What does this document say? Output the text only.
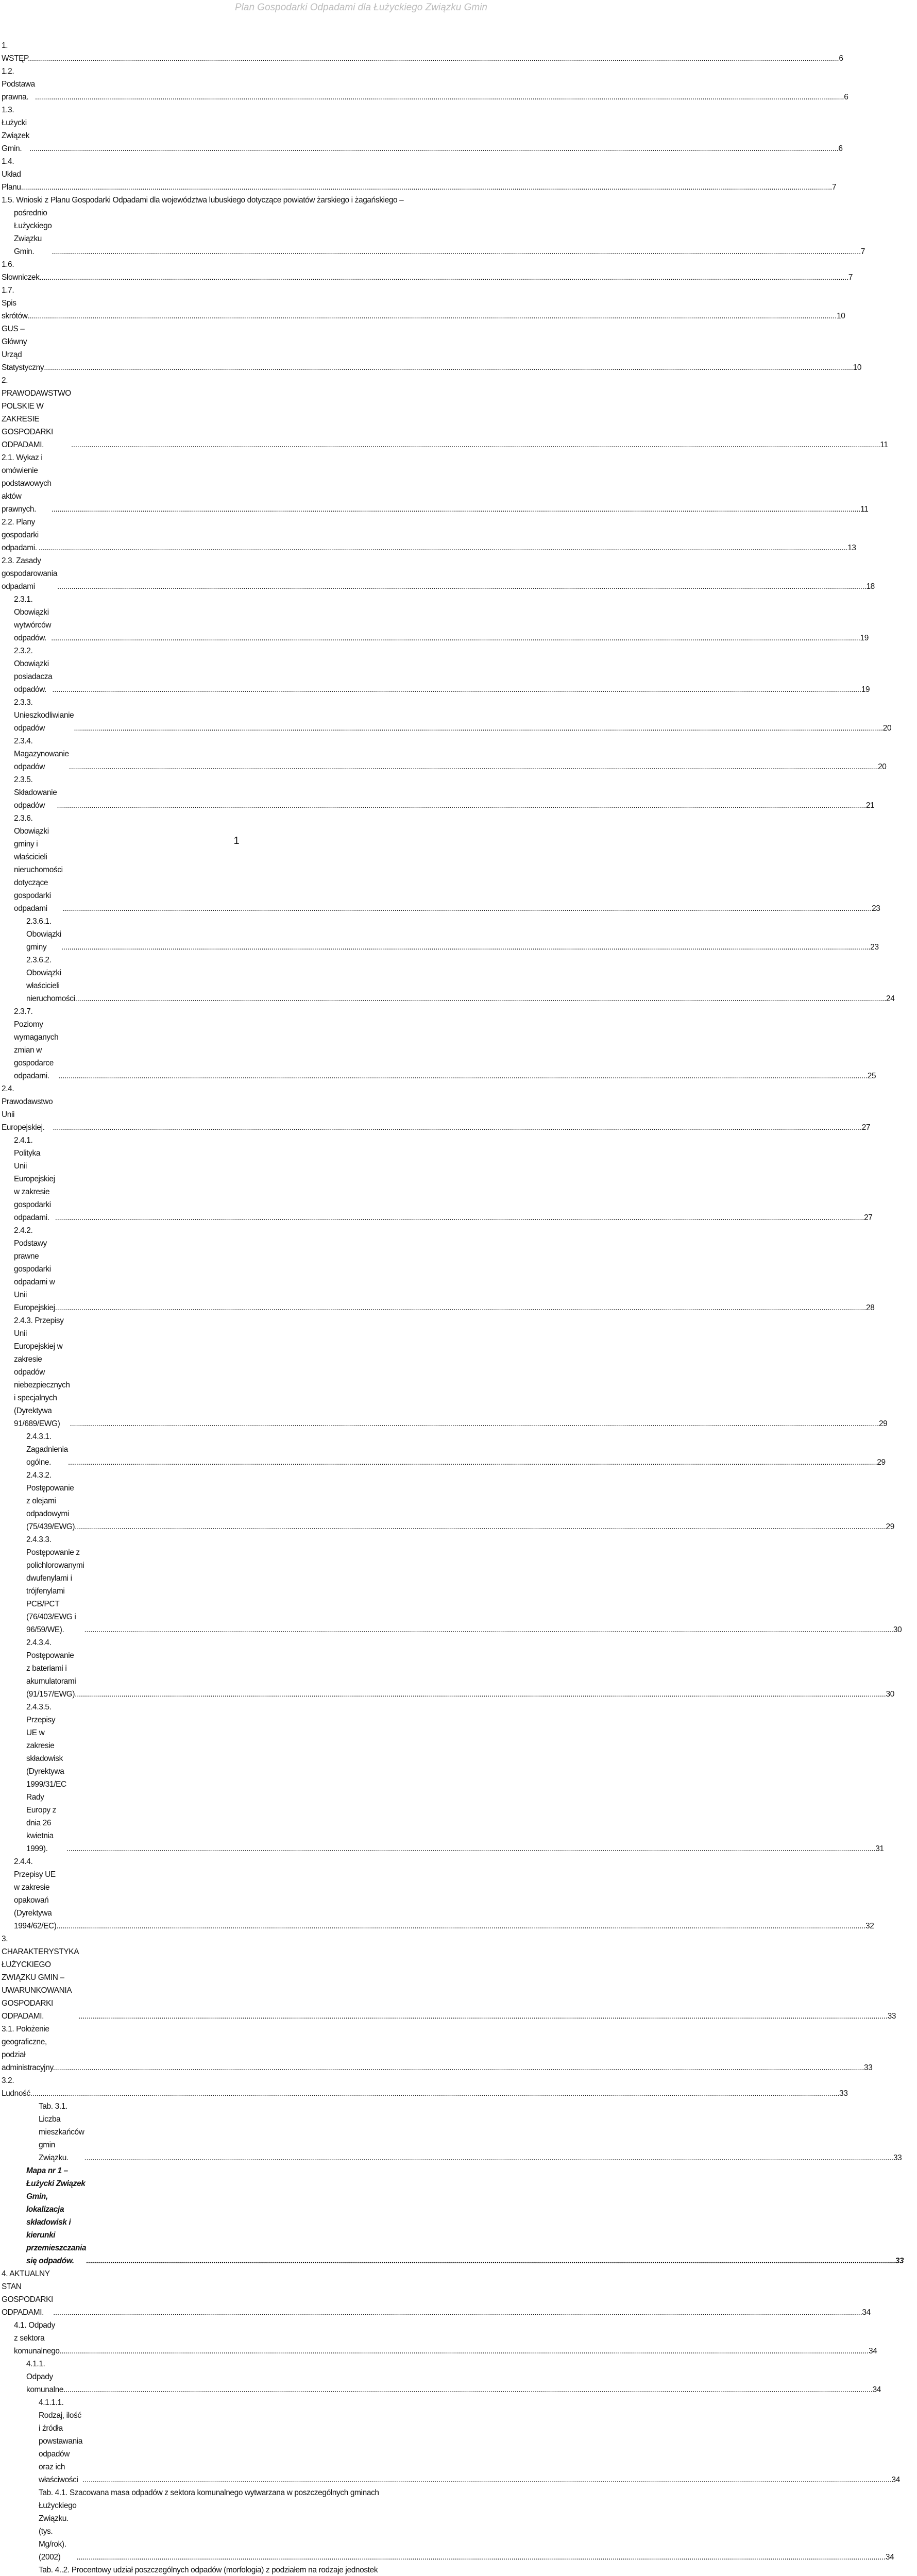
Plan Gospodarki Odpadami dla Łużyckiego Związku Gmin
1. WSTĘP. ................................................................................................................................................................................................................................................................................................................................................................................................................ 6
1.2. Podstawa prawna. ................................................................................................................................................................................................................................................................................................................................................................................................................ 6
1.3. Łużycki Związek Gmin. ................................................................................................................................................................................................................................................................................................................................................................................................................ 6
1.4. Układ Planu. ................................................................................................................................................................................................................................................................................................................................................................................................................ 7
1.5. Wnioski z Planu Gospodarki Odpadami dla województwa lubuskiego dotyczące powiatów żarskiego i żagańskiego –
pośrednio Łużyckiego Związku Gmin.	................................................................................................................................................................................................................................................................................................................................................................................................................ 7
1.6. Słowniczek ................................................................................................................................................................................................................................................................................................................................................................................................................ 7
1.7. Spis skrótów ................................................................................................................................................................................................................................................................................................................................................................................................................ 10
GUS – Główny Urząd Statystyczny ................................................................................................................................................................................................................................................................................................................................................................................................................ 10
2. PRAWODAWSTWO POLSKIE W ZAKRESIE GOSPODARKI ODPADAMI.	................................................................................................................................................................................................................................................................................................................................................................................................................ 11
2.1. Wykaz i omówienie podstawowych aktów prawnych.	................................................................................................................................................................................................................................................................................................................................................................................................................ 11
2.2. Plany gospodarki odpadami. ................................................................................................................................................................................................................................................................................................................................................................................................................ 13
2.3. Zasady gospodarowania odpadami	................................................................................................................................................................................................................................................................................................................................................................................................................ 18
2.3.1. Obowiązki wytwórców odpadów. ................................................................................................................................................................................................................................................................................................................................................................................................................ 19
2.3.2. Obowiązki posiadacza odpadów. ................................................................................................................................................................................................................................................................................................................................................................................................................ 19
2.3.3. Unieszkodliwianie odpadów	................................................................................................................................................................................................................................................................................................................................................................................................................ 20
2.3.4. Magazynowanie odpadów	................................................................................................................................................................................................................................................................................................................................................................................................................ 20
2.3.5. Składowanie odpadów	................................................................................................................................................................................................................................................................................................................................................................................................................ 21
2.3.6. Obowiązki gminy i właścicieli nieruchomości dotyczące gospodarki odpadami	................................................................................................................................................................................................................................................................................................................................................................................................................ 23
2.3.6.1. Obowiązki gminy	................................................................................................................................................................................................................................................................................................................................................................................................................ 23
2.3.6.2. Obowiązki właścicieli nieruchomości. ................................................................................................................................................................................................................................................................................................................................................................................................................ 24
2.3.7. Poziomy wymaganych zmian w gospodarce odpadami.	................................................................................................................................................................................................................................................................................................................................................................................................................ 25
2.4. Prawodawstwo Unii Europejskiej.	................................................................................................................................................................................................................................................................................................................................................................................................................ 27
2.4.1. Polityka Unii Europejskiej w zakresie gospodarki odpadami. ................................................................................................................................................................................................................................................................................................................................................................................................................ 27
2.4.2. Podstawy prawne gospodarki odpadami w Unii Europejskiej. ................................................................................................................................................................................................................................................................................................................................................................................................................ 28
2.4.3. Przepisy Unii Europejskiej w zakresie odpadów niebezpiecznych i specjalnych (Dyrektywa 91/689/EWG)	................................................................................................................................................................................................................................................................................................................................................................................................................ 29
2.4.3.1. Zagadnienia ogólne.	................................................................................................................................................................................................................................................................................................................................................................................................................ 29
2.4.3.2. Postępowanie z olejami odpadowymi (75/439/EWG). ................................................................................................................................................................................................................................................................................................................................................................................................................ 29
2.4.3.3. Postępowanie z polichlorowanymi dwufenylami i trójfenylami PCB/PCT (76/403/EWG i 96/59/WE).	................................................................................................................................................................................................................................................................................................................................................................................................................ 30
2.4.3.4. Postępowanie z bateriami i akumulatorami (91/157/EWG). ................................................................................................................................................................................................................................................................................................................................................................................................................ 30
2.4.3.5. Przepisy UE w zakresie składowisk (Dyrektywa 1999/31/EC Rady Europy z dnia 26 kwietnia 1999).	................................................................................................................................................................................................................................................................................................................................................................................................................ 31
2.4.4. Przepisy UE w zakresie opakowań (Dyrektywa 1994/62/EC) ................................................................................................................................................................................................................................................................................................................................................................................................................ 32
3. CHARAKTERYSTYKA ŁUŻYCKIEGO ZWIĄZKU GMIN – UWARUNKOWANIA GOSPODARKI ODPADAMI.	................................................................................................................................................................................................................................................................................................................................................................................................................ 33
3.1. Położenie geograficzne, podział administracyjny. ................................................................................................................................................................................................................................................................................................................................................................................................................ 33
3.2. Ludność ................................................................................................................................................................................................................................................................................................................................................................................................................ 33
Tab. 3.1. Liczba mieszkańców gmin Związku.	................................................................................................................................................................................................................................................................................................................................................................................................................ 33
Mapa nr 1 – Łużycki Związek Gmin, lokalizacja składowisk i kierunki przemieszczania się odpadów.	................................................................................................................................................................................................................................................................................................................................................................................................................ 33
4. AKTUALNY STAN GOSPODARKI ODPADAMI.	................................................................................................................................................................................................................................................................................................................................................................................................................ 34
4.1. Odpady z sektora komunalnego ................................................................................................................................................................................................................................................................................................................................................................................................................ 34
4.1.1. Odpady komunalne ................................................................................................................................................................................................................................................................................................................................................................................................................ 34
4.1.1.1. Rodzaj, ilość i źródła powstawania odpadów oraz ich właściwości ................................................................................................................................................................................................................................................................................................................................................................................................................ 34
Tab. 4.1. Szacowana masa odpadów z sektora komunalnego wytwarzana w poszczególnych gminach
Łużyckiego Związku. (tys. Mg/rok).(2002)	................................................................................................................................................................................................................................................................................................................................................................................................................ 34
Tab. 4..2. Procentowy udział poszczególnych odpadów (morfologia) z podziałem na rodzaje jednostek
1
